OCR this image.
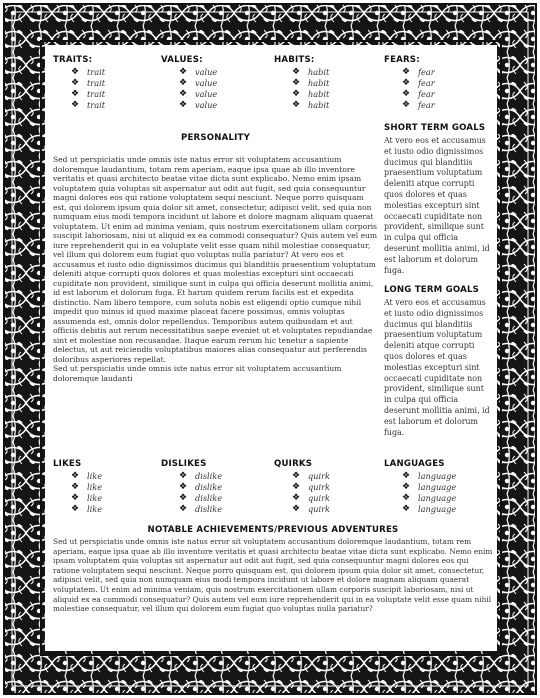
TRAITS:
❖ trait
❖ trait
❖ trait
❖ trait
VALUES:
❖ value
❖ value
❖ value
❖ value
HABITS:
❖ habit
❖ habit
❖ habit
❖ habit
FEARS:
❖ fear
❖ fear
❖ fear
❖ fear
PERSONALITY

Sed ut perspiciatis unde omnis iste natus error sit voluptatem accusantium doloremque laudantium, totam rem aperiam, eaque ipsa quae ab illo inventore veritatis et quasi architecto beatae vitae dicta sunt explicabo. Nemo enim ipsam voluptatem quia voluptas sit aspernatur aut odit aut fugit, sed quia consequuntur magni dolores eos qui ratione voluptatem sequi nesciunt. Neque porro quisquam est, qui dolorem ipsum quia dolor sit amet, consectetur, adipisci velit, sed quia non numquam eius modi tempora incidunt ut labore et dolore magnam aliquam quaerat voluptatem. Ut enim ad minima veniam, quis nostrum exercitationem ullam corporis suscipit laboriosam, nisi ut aliquid ex ea commodi consequatur? Quis autem vel eum iure reprehenderit qui in ea voluptate velit esse quam nihil molestiae consequatur, vel illum qui dolorem eum fugiat quo voluptas nulla pariatur? At vero eos et accusamus et iusto odio dignissimos ducimus qui blanditiis praesentium voluptatum deleniti atque corrupti quos dolores et quas molestias excepturi sint occaecati cupiditate non provident, similique sunt in culpa qui officia deserunt mollitia animi, id est laborum et dolorum fuga. Et harum quidem rerum facilis est et expedita distinctio. Nam libero tempore, cum soluta nobis est eligendi optio cumque nihil impedit quo minus id quod maxime placeat facere possimus, omnis voluptas assumenda est, omnis dolor repellendus. Temporibus autem quibusdam et aut officiis debitis aut rerum necessitatibus saepe eveniet ut et voluptates repudiandae sint et molestiae non recusandae. Itaque earum rerum hic tenetur a sapiente delectus, ut aut reiciendis voluptatibus maiores alias consequatur aut perferendis doloribus asperiores repellat.

Sed ut perspiciatis unde omnis iste natus error sit voluptatem accusantium doloremque laudanti

SHORT TERM GOALS

At vero eos et accusamus et iusto odio dignissimos ducimus qui blanditiis praesentium voluptatum deleniti atque corrupti quos dolores et quas molestias excepturi sint occaecati cupiditate non provident, similique sunt in culpa qui officia deserunt mollitia animi, id est laborum et dolorum fuga.

LONG TERM GOALS

At vero eos et accusamus et iusto odio dignissimos ducimus qui blanditiis praesentium voluptatum deleniti atque corrupti quos dolores et quas molestias excepturi sint occaecati cupiditate non provident, similique sunt in culpa qui officia deserunt mollitia animi, id est laborum et dolorum fuga.

LIKES
❖ like
❖ like
❖ like
❖ like
DISLIKES
❖ dislike
❖ dislike
❖ dislike
❖ dislike
QUIRKS
❖ quirk
❖ quirk
❖ quirk
❖ quirk
LANGUAGES
❖ language
❖ language
❖ language
❖ language
NOTABLE ACHIEVEMENTS/PREVIOUS ADVENTURES

Sed ut perspiciatis unde omnis iste natus error sit voluptatem accusantium doloremque laudantium, totam rem aperiam, eaque ipsa quae ab illo inventore veritatis et quasi architecto beatae vitae dicta sunt explicabo. Nemo enim ipsam voluptatem quia voluptas sit aspernatur aut odit aut fugit, sed quia consequuntur magni dolores eos qui ratione voluptatem sequi nesciunt. Neque porro quisquam est, qui dolorem ipsum quia dolor sit amet, consectetur, adipisci velit, sed quia non numquam eius modi tempora incidunt ut labore et dolore magnam aliquam quaerat voluptatem. Ut enim ad minima veniam, quis nostrum exercitationem ullam corporis suscipit laboriosam, nisi ut aliquid ex ea commodi consequatur? Quis autem vel eum iure reprehenderit qui in ea voluptate velit esse quam nihil molestiae consequatur, vel illum qui dolorem eum fugiat quo voluptas nulla pariatur?
